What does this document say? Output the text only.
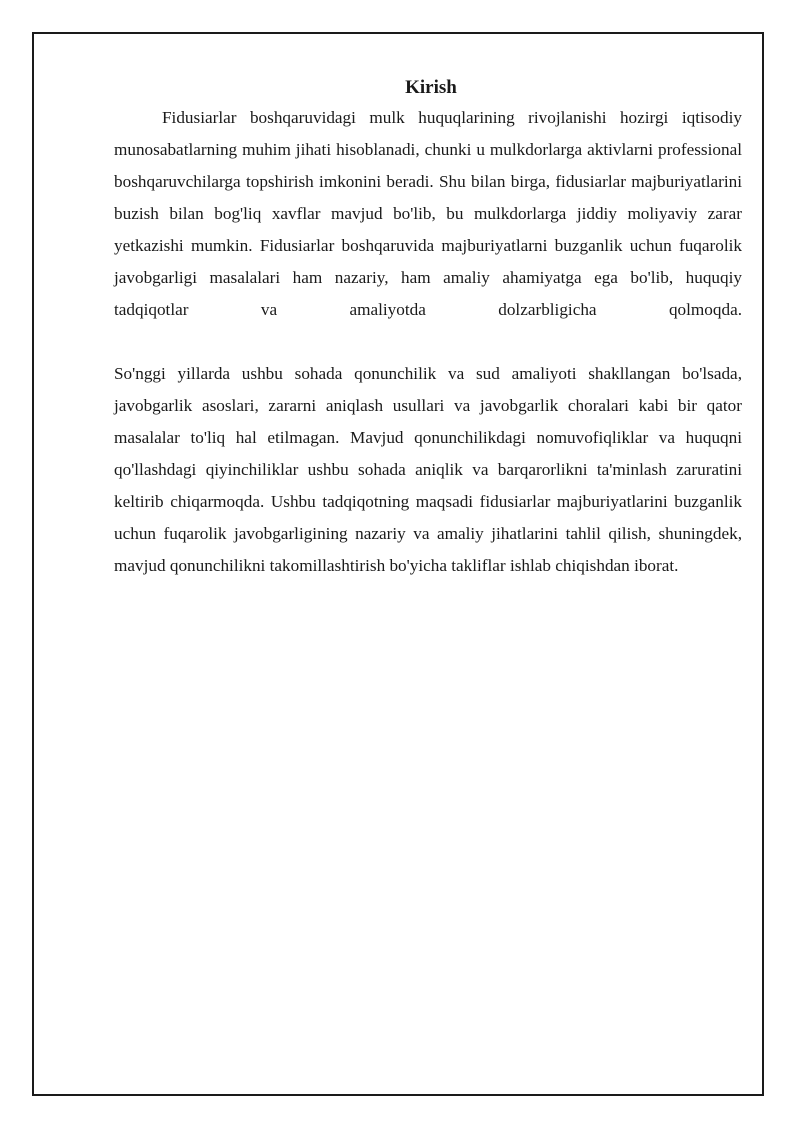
Kirish

Fidusiarlar boshqaruvidagi mulk huquqlarining rivojlanishi hozirgi iqtisodiy munosabatlarning muhim jihati hisoblanadi, chunki u mulkdorlarga aktivlarni professional boshqaruvchilarga topshirish imkonini beradi. Shu bilan birga, fidusiarlar majburiyatlarini buzish bilan bog'liq xavflar mavjud bo'lib, bu mulkdorlarga jiddiy moliyaviy zarar yetkazishi mumkin. Fidusiarlar boshqaruvida majburiyatlarni buzganlik uchun fuqarolik javobgarligi masalalari ham nazariy, ham amaliy ahamiyatga ega bo'lib, huquqiy tadqiqotlar va amaliyotda dolzarbligicha qolmoqda.

So'nggi yillarda ushbu sohada qonunchilik va sud amaliyoti shakllangan bo'lsada, javobgarlik asoslari, zararni aniqlash usullari va javobgarlik choralari kabi bir qator masalalar to'liq hal etilmagan. Mavjud qonunchilikdagi nomuvofiqliklar va huquqni qo'llashdagi qiyinchiliklar ushbu sohada aniqlik va barqarorlikni ta'minlash zaruratini keltirib chiqarmoqda. Ushbu tadqiqotning maqsadi fidusiarlar majburiyatlarini buzganlik uchun fuqarolik javobgarligining nazariy va amaliy jihatlarini tahlil qilish, shuningdek, mavjud qonunchilikni takomillashtirish bo'yicha takliflar ishlab chiqishdan iborat.
